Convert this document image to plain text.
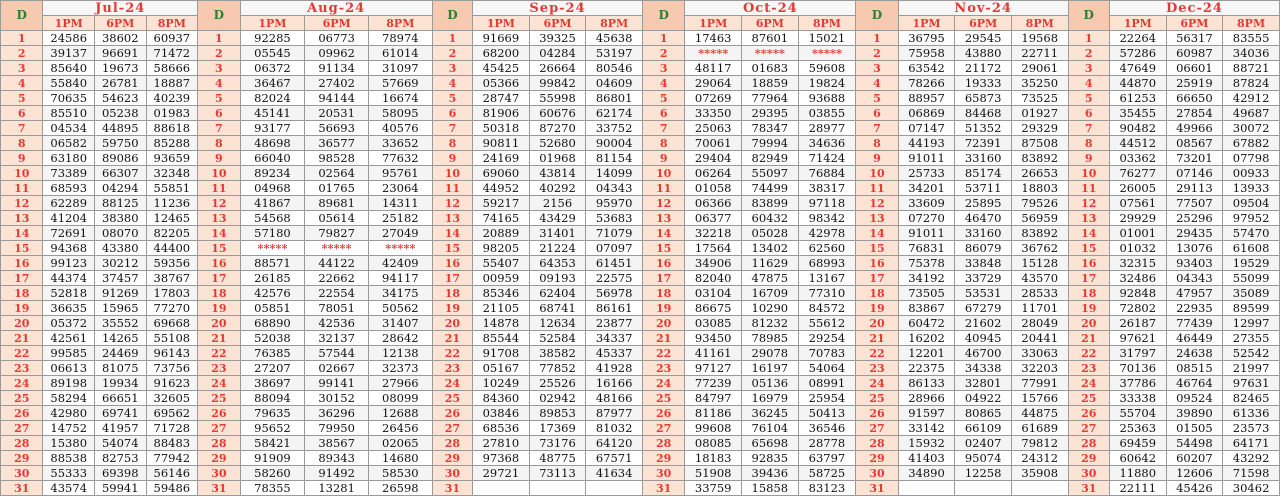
D	Jul-24			D	Aug-24			D	Sep-24			D	Oct-24			D	Nov-24			D	Dec-24		
	1PM	6PM	8PM		1PM	6PM	8PM		1PM	6PM	8PM		1PM	6PM	8PM		1PM	6PM	8PM		1PM	6PM	8PM
1	24586	38602	60937	1	92285	06773	78974	1	91669	39325	45638	1	17463	87601	15021	1	36795	29545	19568	1	22264	56317	83555
2	39137	96691	71472	2	05545	09962	61014	2	68200	04284	53197	2	*****	*****	*****	2	75958	43880	22711	2	57286	60987	34036
3	85640	19673	58666	3	06372	91134	31097	3	45425	26664	80546	3	48117	01683	59608	3	63542	21172	29061	3	47649	06601	88721
4	55840	26781	18887	4	36467	27402	57669	4	05366	99842	04609	4	29064	18859	19824	4	78266	19333	35250	4	44870	25919	87824
5	70635	54623	40239	5	82024	94144	16674	5	28747	55998	86801	5	07269	77964	93688	5	88957	65873	73525	5	61253	66650	42912
6	85510	05238	01983	6	45141	20531	58095	6	81906	60676	62174	6	33350	29395	03855	6	06869	84468	01927	6	35455	27854	49687
7	04534	44895	88618	7	93177	56693	40576	7	50318	87270	33752	7	25063	78347	28977	7	07147	51352	29329	7	90482	49966	30072
8	06582	59750	85288	8	48698	36577	33652	8	90811	52680	90004	8	70061	79994	34636	8	44193	72391	87508	8	44512	08567	67882
9	63180	89086	93659	9	66040	98528	77632	9	24169	01968	81154	9	29404	82949	71424	9	91011	33160	83892	9	03362	73201	07798
10	73389	66307	32348	10	89234	02564	95761	10	69060	43814	14099	10	06264	55097	76884	10	25733	85174	26653	10	76277	07146	00933
11	68593	04294	55851	11	04968	01765	23064	11	44952	40292	04343	11	01058	74499	38317	11	34201	53711	18803	11	26005	29113	13933
12	62289	88125	11236	12	41867	89681	14311	12	59217	2156	95970	12	06366	83899	97118	12	33609	25895	79526	12	07561	77507	09504
13	41204	38380	12465	13	54568	05614	25182	13	74165	43429	53683	13	06377	60432	98342	13	07270	46470	56959	13	29929	25296	97952
14	72691	08070	82205	14	57180	79827	27049	14	20889	31401	71079	14	32218	05028	42978	14	91011	33160	83892	14	01001	29435	57470
15	94368	43380	44400	15	*****	*****	*****	15	98205	21224	07097	15	17564	13402	62560	15	76831	86079	36762	15	01032	13076	61608
16	99123	30212	59356	16	88571	44122	42409	16	55407	64353	61451	16	34906	11629	68993	16	75378	33848	15128	16	32315	93403	19529
17	44374	37457	38767	17	26185	22662	94117	17	00959	09193	22575	17	82040	47875	13167	17	34192	33729	43570	17	32486	04343	55099
18	52818	91269	17803	18	42576	22554	34175	18	85346	62404	56978	18	03104	16709	77310	18	73505	53531	28533	18	92848	47957	35089
19	36635	15965	77270	19	05851	78051	50562	19	21105	68741	86161	19	86675	10290	84572	19	83867	67279	11701	19	72802	22935	89599
20	05372	35552	69668	20	68890	42536	31407	20	14878	12634	23877	20	03085	81232	55612	20	60472	21602	28049	20	26187	77439	12997
21	42561	14265	55108	21	52038	32137	28642	21	85544	52584	34337	21	93450	78985	29254	21	16202	40945	20441	21	97621	46449	27355
22	99585	24469	96143	22	76385	57544	12138	22	91708	38582	45337	22	41161	29078	70783	22	12201	46700	33063	22	31797	24638	52542
23	06613	81075	73756	23	27207	02667	32373	23	05167	77852	41928	23	97127	16197	54064	23	22375	34338	32203	23	70136	08515	21997
24	89198	19934	91623	24	38697	99141	27966	24	10249	25526	16166	24	77239	05136	08991	24	86133	32801	77991	24	37786	46764	97631
25	58294	66651	32605	25	88094	30152	08099	25	84360	02942	48166	25	84797	16979	25954	25	28966	04922	15766	25	33338	09524	82465
26	42980	69741	69562	26	79635	36296	12688	26	03846	89853	87977	26	81186	36245	50413	26	91597	80865	44875	26	55704	39890	61336
27	14752	41957	71728	27	95652	79950	26456	27	68536	17369	81032	27	99608	76104	36546	27	33142	66109	61689	27	25363	01505	23573
28	15380	54074	88483	28	58421	38567	02065	28	27810	73176	64120	28	08085	65698	28778	28	15932	02407	79812	28	69459	54498	64171
29	88538	82753	77942	29	91909	89343	14680	29	97368	48775	67571	29	18183	92835	63797	29	41403	95074	24312	29	60642	60207	43292
30	55333	69398	56146	30	58260	91492	58530	30	29721	73113	41634	30	51908	39436	58725	30	34890	12258	35908	30	11880	12606	71598
31	43574	59941	59486	31	78355	13281	26598	31				31	33759	15858	83123	31				31	22111	45426	30462
